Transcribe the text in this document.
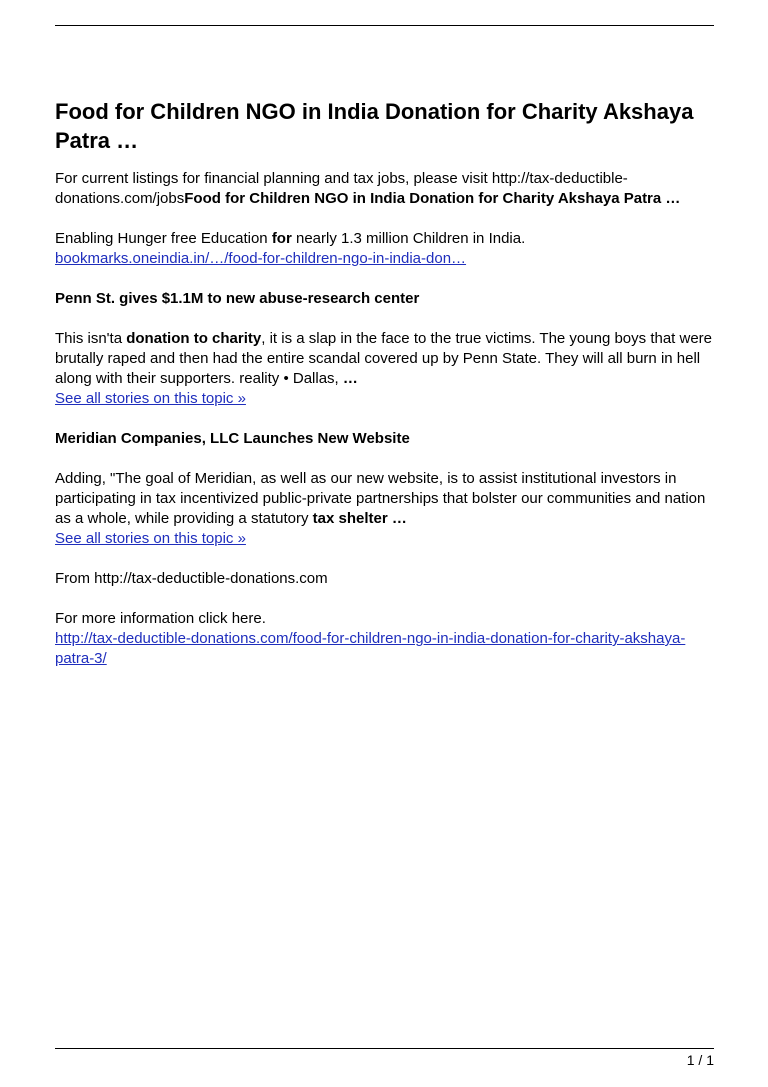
Food for Children NGO in India Donation for Charity Akshaya Patra …

For current listings for financial planning and tax jobs, please visit http://tax-deductible-donations.com/jobsFood for Children NGO in India Donation for Charity Akshaya Patra …

Enabling Hunger free Education for nearly 1.3 million Children in India.
bookmarks.oneindia.in/…/food-for-children-ngo-in-india-don…

Penn St. gives $1.1M to new abuse-research center

This isn'ta donation to charity, it is a slap in the face to the true victims. The young boys that were brutally raped and then had the entire scandal covered up by Penn State. They will all burn in hell along with their supporters. reality • Dallas, …
See all stories on this topic »

Meridian Companies, LLC Launches New Website

Adding, "The goal of Meridian, as well as our new website, is to assist institutional investors in participating in tax incentivized public-private partnerships that bolster our communities and nation as a whole, while providing a statutory tax shelter …
See all stories on this topic »

From http://tax-deductible-donations.com

For more information click here.
http://tax-deductible-donations.com/food-for-children-ngo-in-india-donation-for-charity-akshaya-patra-3/

1 / 1
